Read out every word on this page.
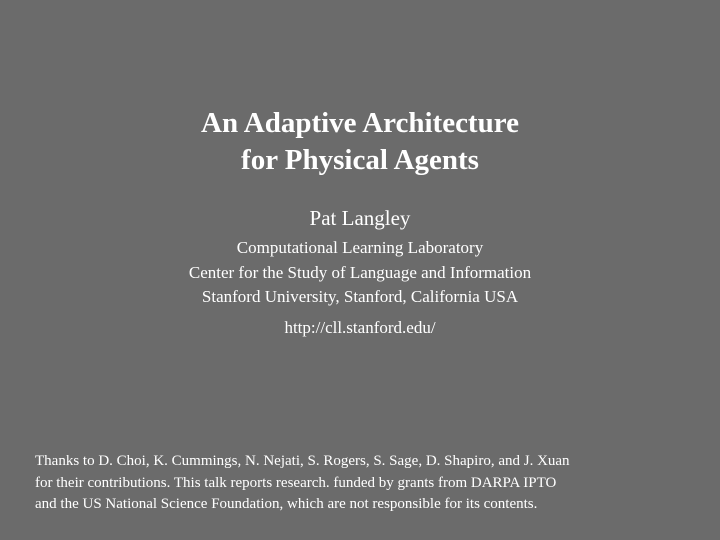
An Adaptive Architecture
for Physical Agents
Pat Langley
Computational Learning Laboratory
Center for the Study of Language and Information
Stanford University, Stanford, California USA
http://cll.stanford.edu/
Thanks to D. Choi, K. Cummings, N. Nejati, S. Rogers, S. Sage, D. Shapiro, and J. Xuan
for their contributions. This talk reports research. funded by grants from DARPA IPTO
and the US National Science Foundation, which are not responsible for its contents.
